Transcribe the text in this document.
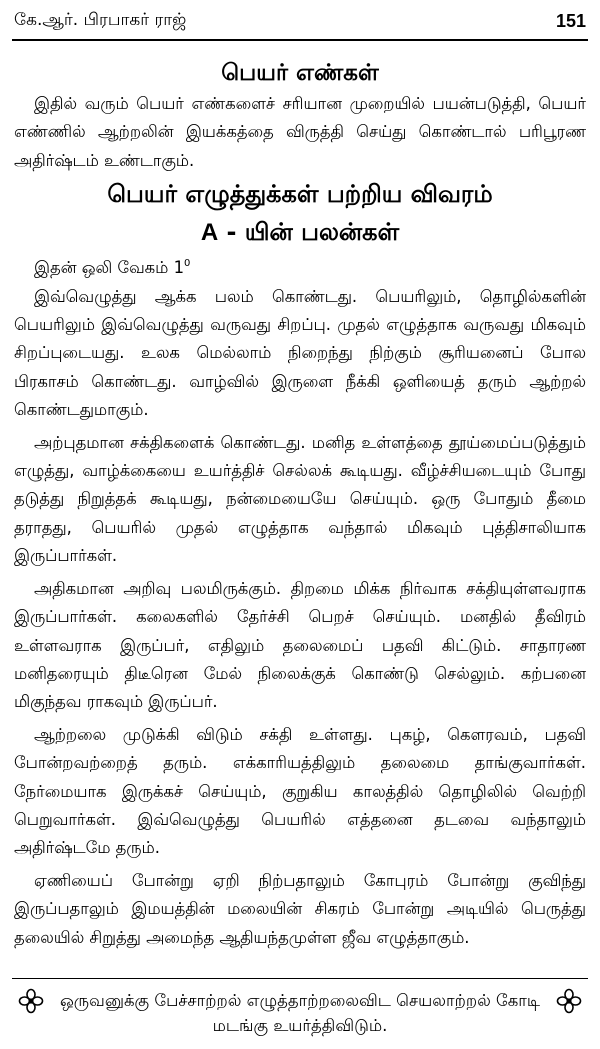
கே.ஆர். பிரபாகர் ராஜ்	151
பெயர் எண்கள்

இதில் வரும் பெயர் எண்களைச் சரியான முறையில் பயன்படுத்தி, பெயர் எண்ணில் ஆற்றலின் இயக்கத்தை விருத்தி செய்து கொண்டால் பரிபூரண அதிர்ஷ்டம் உண்டாகும்.

பெயர் எழுத்துக்கள் பற்றிய விவரம்
A - யின் பலன்கள்

இதன் ஒலி வேகம் $1^0$

இவ்வெழுத்து ஆக்க பலம் கொண்டது. பெயரிலும், தொழில்களின் பெயரிலும் இவ்வெழுத்து வருவது சிறப்பு. முதல் எழுத்தாக வருவது மிகவும் சிறப்புடையது. உலக மெல்லாம் நிறைந்து நிற்கும் சூரியனைப் போல பிரகாசம் கொண்டது. வாழ்வில் இருளை நீக்கி ஒளியைத் தரும் ஆற்றல் கொண்டதுமாகும்.

அற்புதமான சக்திகளைக் கொண்டது. மனித உள்ளத்தை தூய்மைப்படுத்தும் எழுத்து, வாழ்க்கையை உயர்த்திச் செல்லக் கூடியது. வீழ்ச்சியடையும் போது தடுத்து நிறுத்தக் கூடியது, நன்மையையே செய்யும். ஒரு போதும் தீமை தராதது, பெயரில் முதல் எழுத்தாக வந்தால் மிகவும் புத்திசாலியாக இருப்பார்கள்.

அதிகமான அறிவு பலமிருக்கும். திறமை மிக்க நிர்வாக சக்தியுள்ளவராக இருப்பார்கள். கலைகளில் தேர்ச்சி பெறச் செய்யும். மனதில் தீவிரம் உள்ளவராக இருப்பர், எதிலும் தலைமைப் பதவி கிட்டும். சாதாரண மனிதரையும் திடீரென மேல் நிலைக்குக் கொண்டு செல்லும். கற்பனை மிகுந்தவ ராகவும் இருப்பர்.

ஆற்றலை முடுக்கி விடும் சக்தி உள்ளது. புகழ், கௌரவம், பதவி போன்றவற்றைத் தரும். எக்காரியத்திலும் தலைமை தாங்குவார்கள். நேர்மையாக இருக்கச் செய்யும், குறுகிய காலத்தில் தொழிலில் வெற்றி பெறுவார்கள். இவ்வெழுத்து பெயரில் எத்தனை தடவை வந்தாலும் அதிர்ஷ்டமே தரும்.

ஏணியைப் போன்று ஏறி நிற்பதாலும் கோபுரம் போன்று குவிந்து இருப்பதாலும் இமயத்தின் மலையின் சிகரம் போன்று அடியில் பெருத்து தலையில் சிறுத்து அமைந்த ஆதியந்தமுள்ள ஜீவ எழுத்தாகும்.

ஒருவனுக்கு பேச்சாற்றல் எழுத்தாற்றலைவிட செயலாற்றல் கோடி மடங்கு உயர்த்திவிடும்.
